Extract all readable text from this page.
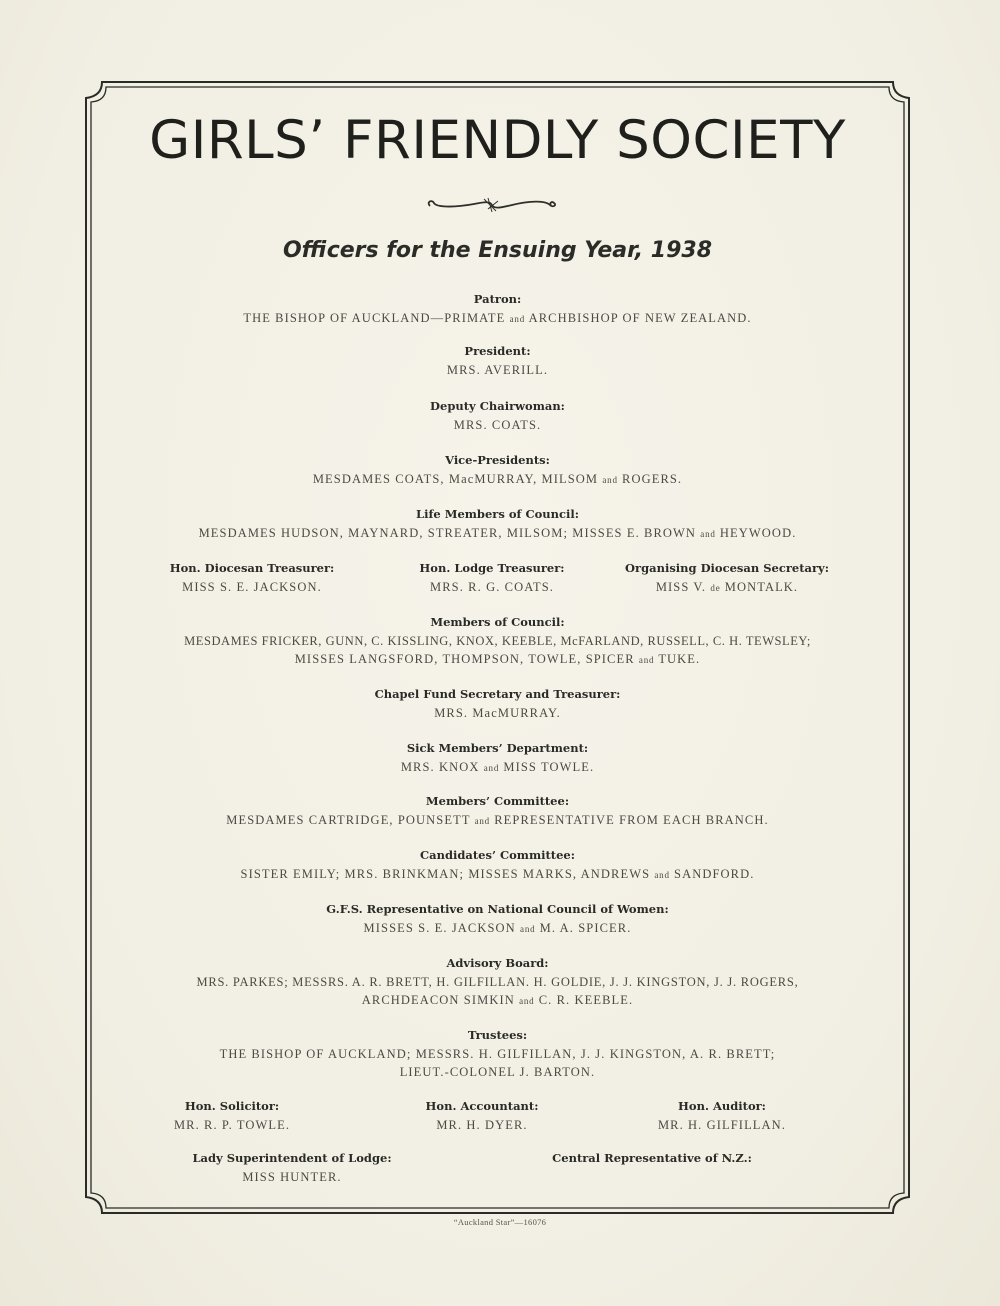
GIRLS’ FRIENDLY SOCIETY
Officers for the Ensuing Year, 1938
Patron:
THE BISHOP OF AUCKLAND—PRIMATE and ARCHBISHOP OF NEW ZEALAND.
President:
MRS. AVERILL.
Deputy Chairwoman:
MRS. COATS.
Vice-Presidents:
MESDAMES COATS, MacMURRAY, MILSOM and ROGERS.
Life Members of Council:
MESDAMES HUDSON, MAYNARD, STREATER, MILSOM; MISSES E. BROWN and HEYWOOD.
Hon. Diocesan Treasurer:
MISS S. E. JACKSON.
Hon. Lodge Treasurer:
MRS. R. G. COATS.
Organising Diocesan Secretary:
MISS V. de MONTALK.
Members of Council:
MESDAMES FRICKER, GUNN, C. KISSLING, KNOX, KEEBLE, McFARLAND, RUSSELL, C. H. TEWSLEY;
MISSES LANGSFORD, THOMPSON, TOWLE, SPICER and TUKE.
Chapel Fund Secretary and Treasurer:
MRS. MacMURRAY.
Sick Members’ Department:
MRS. KNOX and MISS TOWLE.
Members’ Committee:
MESDAMES CARTRIDGE, POUNSETT and REPRESENTATIVE FROM EACH BRANCH.
Candidates’ Committee:
SISTER EMILY; MRS. BRINKMAN; MISSES MARKS, ANDREWS and SANDFORD.
G.F.S. Representative on National Council of Women:
MISSES S. E. JACKSON and M. A. SPICER.
Advisory Board:
MRS. PARKES; MESSRS. A. R. BRETT, H. GILFILLAN. H. GOLDIE, J. J. KINGSTON, J. J. ROGERS,
ARCHDEACON SIMKIN and C. R. KEEBLE.
Trustees:
THE BISHOP OF AUCKLAND; MESSRS. H. GILFILLAN, J. J. KINGSTON, A. R. BRETT;
LIEUT.-COLONEL J. BARTON.
Hon. Solicitor:
MR. R. P. TOWLE.
Hon. Accountant:
MR. H. DYER.
Hon. Auditor:
MR. H. GILFILLAN.
Lady Superintendent of Lodge:
MISS HUNTER.
Central Representative of N.Z.:
“Auckland Star”—16076
